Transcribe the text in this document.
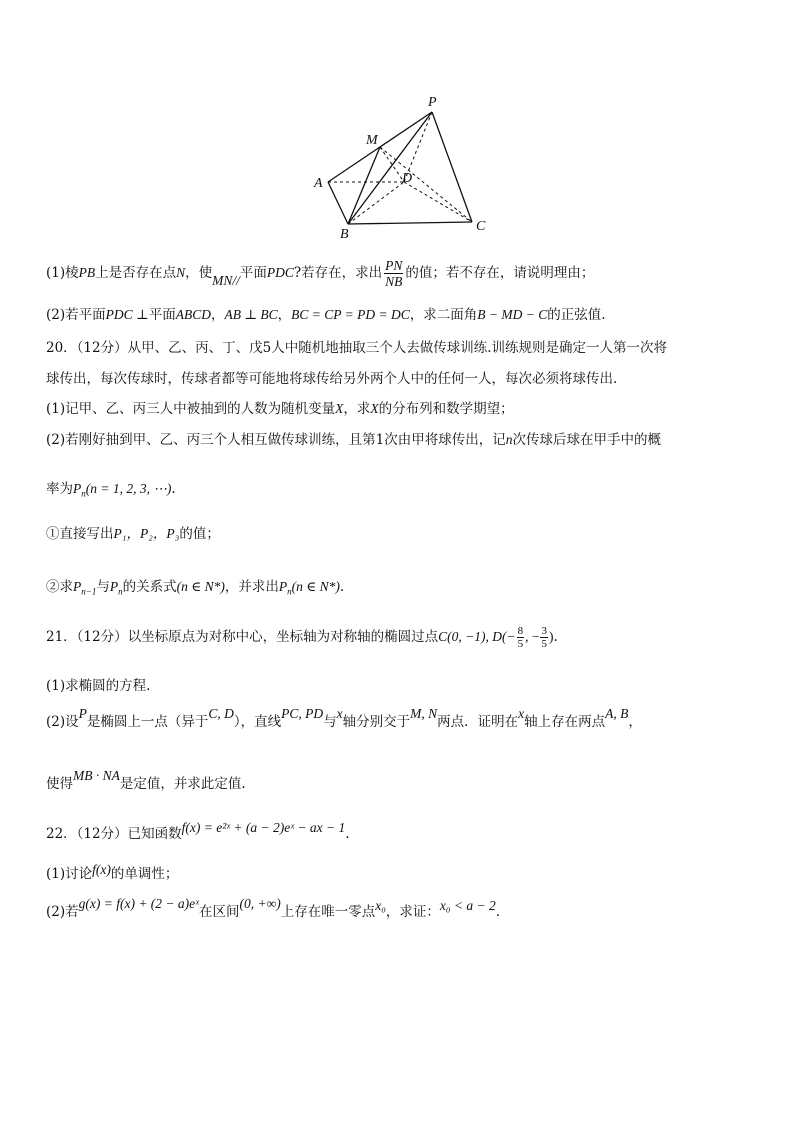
P
M
A	D
B
C
(1)棱PB上是否存在点N，使MN//平面PDC?若存在，求出 $\frac{PN}{NB}$ 的值；若不存在，请说明理由；
(2)若平面PDC ⊥平面ABCD，AB ⊥ BC，BC = CP = PD = DC，求二面角B − MD − C的正弦值.
20．（12分）从甲、乙、丙、丁、戊5人中随机地抽取三个人去做传球训练.训练规则是确定一人第一次将
球传出，每次传球时，传球者都等可能地将球传给另外两个人中的任何一人，每次必须将球传出.
(1)记甲、乙、丙三人中被抽到的人数为随机变量X，求X的分布列和数学期望；
(2)若刚好抽到甲、乙、丙三个人相互做传球训练，且第1次由甲将球传出，记n次传球后球在甲手中的概
率为$P_n(n = 1$, 2, 3, ⋯).
①直接写出P₁，P₂，P₃的值；
②求$P_{n-1}$与$P_n$的关系式(n ∈ N*)，并求出$P_n(n$ ∈ N*).
21．（12分）以坐标原点为对称中心，坐标轴为对称轴的椭圆过点C(0, −1), $D(- \frac{8}{5}$ , − $\frac{3}{5}$ ).
(1)求椭圆的方程.
(2)设P是椭圆上一点（异于C, D），直线PC, PD与x轴分别交于M, N两点．证明在x轴上存在两点A, B，
使得MB · NA是定值，并求此定值.
22．（12分）已知函数f(x) = e²ˣ + (a − 2)eˣ − ax − 1.
(1)讨论f(x)的单调性；
(2)若g(x) = f(x) + (2 − a)eˣ在区间(0, +∞)上存在唯一零点x₀，求证：x₀ < a − 2.
